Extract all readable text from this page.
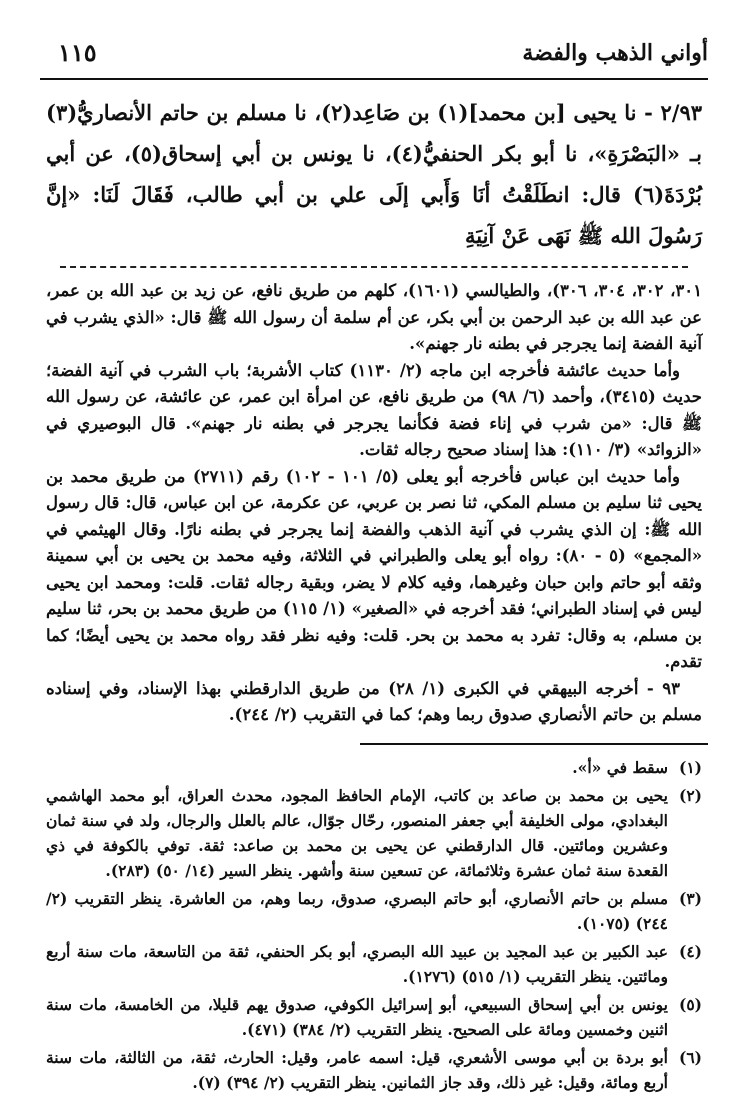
١١٥	أواني الذهب والفضة
٢/٩٣ - نا يحيى [بن محمد](١) بن صَاعِد(٢)، نا مسلم بن حاتم الأنصاريُّ(٣) بـ «البَصْرَةِ»، نا أبو بكر الحنفيُّ(٤)، نا يونس بن أبي إسحاق(٥)، عن أبي بُرْدَةَ(٦) قال: انطَلَقْتُ أنَا وَأَبي إلَى علي بن أبي طالب، فَقَالَ لَنَا: «إنَّ رَسُولَ الله ﷺ نَهَى عَنْ آنِيَةِ

٣٠١، ٣٠٢، ٣٠٤، ٣٠٦)، والطيالسي (١٦٠١)، كلهم من طريق نافع، عن زيد بن عبد الله بن عمر، عن عبد الله بن عبد الرحمن بن أبي بكر، عن أم سلمة أن رسول الله ﷺ قال: «الذي يشرب في آنية الفضة إنما يجرجر في بطنه نار جهنم».

وأما حديث عائشة فأخرجه ابن ماجه (٢/ ١١٣٠) كتاب الأشربة؛ باب الشرب في آنية الفضة؛ حديث (٣٤١٥)، وأحمد (٦/ ٩٨) من طريق نافع، عن امرأة ابن عمر، عن عائشة، عن رسول الله ﷺ قال: «من شرب في إناء فضة فكأنما يجرجر في بطنه نار جهنم». قال البوصيري في «الزوائد» (٣/ ١١٠): هذا إسناد صحيح رجاله ثقات.

وأما حديث ابن عباس فأخرجه أبو يعلى (٥/ ١٠١ - ١٠٢) رقم (٢٧١١) من طريق محمد بن يحيى ثنا سليم بن مسلم المكي، ثنا نصر بن عربي، عن عكرمة، عن ابن عباس، قال: قال رسول الله ﷺ: إن الذي يشرب في آنية الذهب والفضة إنما يجرجر في بطنه نارًا. وقال الهيثمي في «المجمع» (٥ - ٨٠): رواه أبو يعلى والطبراني في الثلاثة، وفيه محمد بن يحيى بن أبي سمينة وثقه أبو حاتم وابن حبان وغيرهما، وفيه كلام لا يضر، وبقية رجاله ثقات. قلت: ومحمد ابن يحيى ليس في إسناد الطبراني؛ فقد أخرجه في «الصغير» (١/ ١١٥) من طريق محمد بن بحر، ثنا سليم بن مسلم، به وقال: تفرد به محمد بن بحر. قلت: وفيه نظر فقد رواه محمد بن يحيى أيضًا؛ كما تقدم.

٩٣ - أخرجه البيهقي في الكبرى (١/ ٢٨) من طريق الدارقطني بهذا الإسناد، وفي إسناده مسلم بن حاتم الأنصاري صدوق ربما وهم؛ كما في التقريب (٢/ ٢٤٤).

(١)
سقط في «أ».
(٢)
يحيى بن محمد بن صاعد بن كاتب، الإمام الحافظ المجود، محدث العراق، أبو محمد الهاشمي البغدادي، مولى الخليفة أبي جعفر المنصور، رحّال جوّال، عالم بالعلل والرجال، ولد في سنة ثمان وعشرين ومائتين. قال الدارقطني عن يحيى بن محمد بن صاعد: ثقة. توفي بالكوفة في ذي القعدة سنة ثمان عشرة وثلاثمائة، عن تسعين سنة وأشهر. ينظر السير (١٤/ ٥٠) (٢٨٣).
(٣)
مسلم بن حاتم الأنصاري، أبو حاتم البصري، صدوق، ربما وهم، من العاشرة. ينظر التقريب (٢/ ٢٤٤) (١٠٧٥).
(٤)
عبد الكبير بن عبد المجيد بن عبيد الله البصري، أبو بكر الحنفي، ثقة من التاسعة، مات سنة أربع ومائتين. ينظر التقريب (١/ ٥١٥) (١٢٧٦).
(٥)
يونس بن أبي إسحاق السبيعي، أبو إسرائيل الكوفي، صدوق يهم قليلا، من الخامسة، مات سنة اثنين وخمسين ومائة على الصحيح. ينظر التقريب (٢/ ٣٨٤) (٤٧١).
(٦)
أبو بردة بن أبي موسى الأشعري، قيل: اسمه عامر، وقيل: الحارث، ثقة، من الثالثة، مات سنة أربع ومائة، وقيل: غير ذلك، وقد جاز الثمانين. ينظر التقريب (٢/ ٣٩٤) (٧).
